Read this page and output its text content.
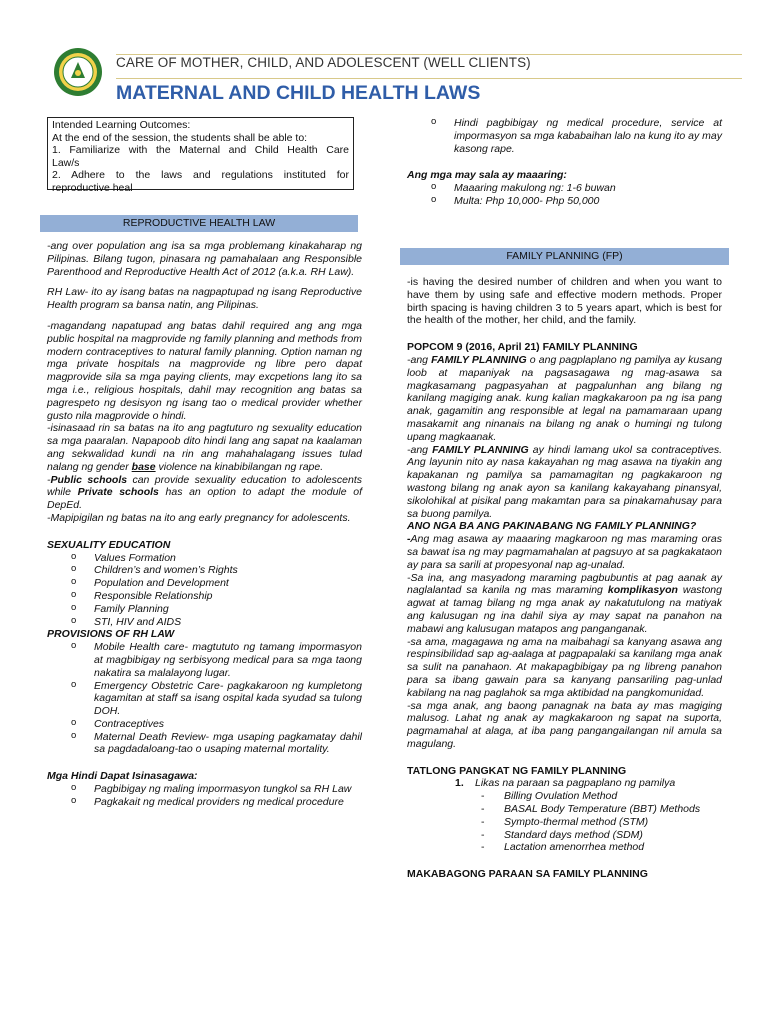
CARE OF MOTHER, CHILD, AND ADOLESCENT (WELL CLIENTS)
MATERNAL AND CHILD HEALTH LAWS
Intended Learning Outcomes:
At the end of the session, the students shall be able to:
1. Familiarize with the Maternal and Child Health Care
Law/s
2. Adhere to the laws and regulations instituted for
reproductive heal
REPRODUCTIVE HEALTH LAW

-ang over population ang isa sa mga problemang kinakaharap ng Pilipinas. Bilang tugon, pinasara ng pamahalaan ang Responsible Parenthood and Reproductive Health Act of 2012 (a.k.a. RH Law).

RH Law- ito ay isang batas na nagpaptupad ng isang Reproductive Health program sa bansa natin, ang Pilipinas.

-magandang napatupad ang batas dahil required ang ang mga public hospital na magprovide ng family planning and methods from modern contraceptives to natural family planning. Option naman ng mga private hospitals na magprovide ng libre pero dapat magprovide sila sa mga paying clients, may excpetions lang ito sa mga i.e., religious hospitals, dahil may recognition ang batas sa pagrespeto ng desisyon ng isang tao o medical provider whether gusto nila magprovide o hindi.

-isinasaad rin sa batas na ito ang pagtuturo ng sexuality education sa mga paaralan. Napapoob dito hindi lang ang sapat na kaalaman ang sekwalidad kundi na rin ang mahahalagang issues tulad nalang ng gender base violence na kinabibilangan ng rape.

-Public schools can provide sexuality education to adolescents while Private schools has an option to adapt the module of DepEd.

-Mapipigilan ng batas na ito ang early pregnancy for adolescents.

SEXUALITY EDUCATION

o Values Formation
o Children’s and women’s Rights
o Population and Development
o Responsible Relationship
o Family Planning
o STI, HIV and AIDS

PROVISIONS OF RH LAW

o Mobile Health care- magtututo ng tamang impormasyon at magbibigay ng serbisyong medical para sa mga taong nakatira sa malalayong lugar.
o Emergency Obstetric Care- pagkakaroon ng kumpletong kagamitan at staff sa isang ospital kada syudad sa tulong DOH.
o Contraceptives
o Maternal Death Review- mga usaping pagkamatay dahil sa pagdadaloang-tao o usaping maternal mortality.

Mga Hindi Dapat Isinasagawa:

o Pagbibigay ng maling impormasyon tungkol sa RH Law
o Pagkakait ng medical providers ng medical procedure
o Hindi pagbibigay ng medical procedure, service at impormasyon sa mga kababaihan lalo na kung ito ay may kasong rape.

Ang mga may sala ay maaaring:

o Maaaring makulong ng: 1-6 buwan
o Multa: Php 10,000- Php 50,000
FAMILY PLANNING (FP)

-is having the desired number of children and when you want to have them by using safe and effective modern methods. Proper birth spacing is having children 3 to 5 years apart, which is best for the health of the mother, her child, and the family.

POPCOM 9 (2016, April 21) FAMILY PLANNING

-ang FAMILY PLANNING o ang pagplaplano ng pamilya ay kusang loob at mapaniyak na pagsasagawa ng mag-asawa sa magkasamang pagpasyahan at pagpalunhan ang bilang ng kanilang magiging anak. kung kalian magkakaroon pa ng isa pang anak, gagamitin ang responsible at legal na pamamaraan upang masakamit ang ninanais na bilang ng anak o humingi ng tulong upang magkaanak.

-ang FAMILY PLANNING ay hindi lamang ukol sa contraceptives. Ang layunin nito ay nasa kakayahan ng mag asawa na tiyakin ang kapakanan ng pamilya sa pamamagitan ng pagkakaroon ng wastong bilang ng anak ayon sa kanilang kakayahang pinansyal, sikolohikal at pisikal pang makamtan para sa pinakamahusay para sa buong pamilya.

ANO NGA BA ANG PAKINABANG NG FAMILY PLANNING?

-Ang mag asawa ay maaaring magkaroon ng mas maraming oras sa bawat isa ng may pagmamahalan at pagsuyo at sa pagkakataon ay para sa sarili at propesyonal nap ag-unalad.

-Sa ina, ang masyadong maraming pagbubuntis at pag aanak ay naglalantad sa kanila ng mas maraming komplikasyon wastong agwat at tamag bilang ng mga anak ay nakatutulong na matiyak ang kalusugan ng ina dahil siya ay may sapat na panahon na mabawi ang kalusugan matapos ang panganganak.

-sa ama, magagawa ng ama na maibahagi sa kanyang asawa ang respinsibilidad sap ag-aalaga at pagpapalaki sa kanilang mga anak sa sulit na panahaon. At makapagbibigay pa ng libreng panahon para sa ibang gawain para sa kanyang pansariling pag-unlad kabilang na nag paglahok sa mga aktibidad na pangkomunidad.

-sa mga anak, ang baong panagnak na bata ay mas magiging malusog. Lahat ng anak ay magkakaroon ng sapat na suporta, pagmamahal at alaga, at iba pang pangangailangan nil amula sa magulang.

TATLONG PANGKAT NG FAMILY PLANNING

1. Likas na paraan sa pagpaplano ng pamilya
- Billing Ovulation Method
- BASAL Body Temperature (BBT) Methods
- Sympto-thermal method (STM)
- Standard days method (SDM)
- Lactation amenorrhea method

MAKABAGONG PARAAN SA FAMILY PLANNING
